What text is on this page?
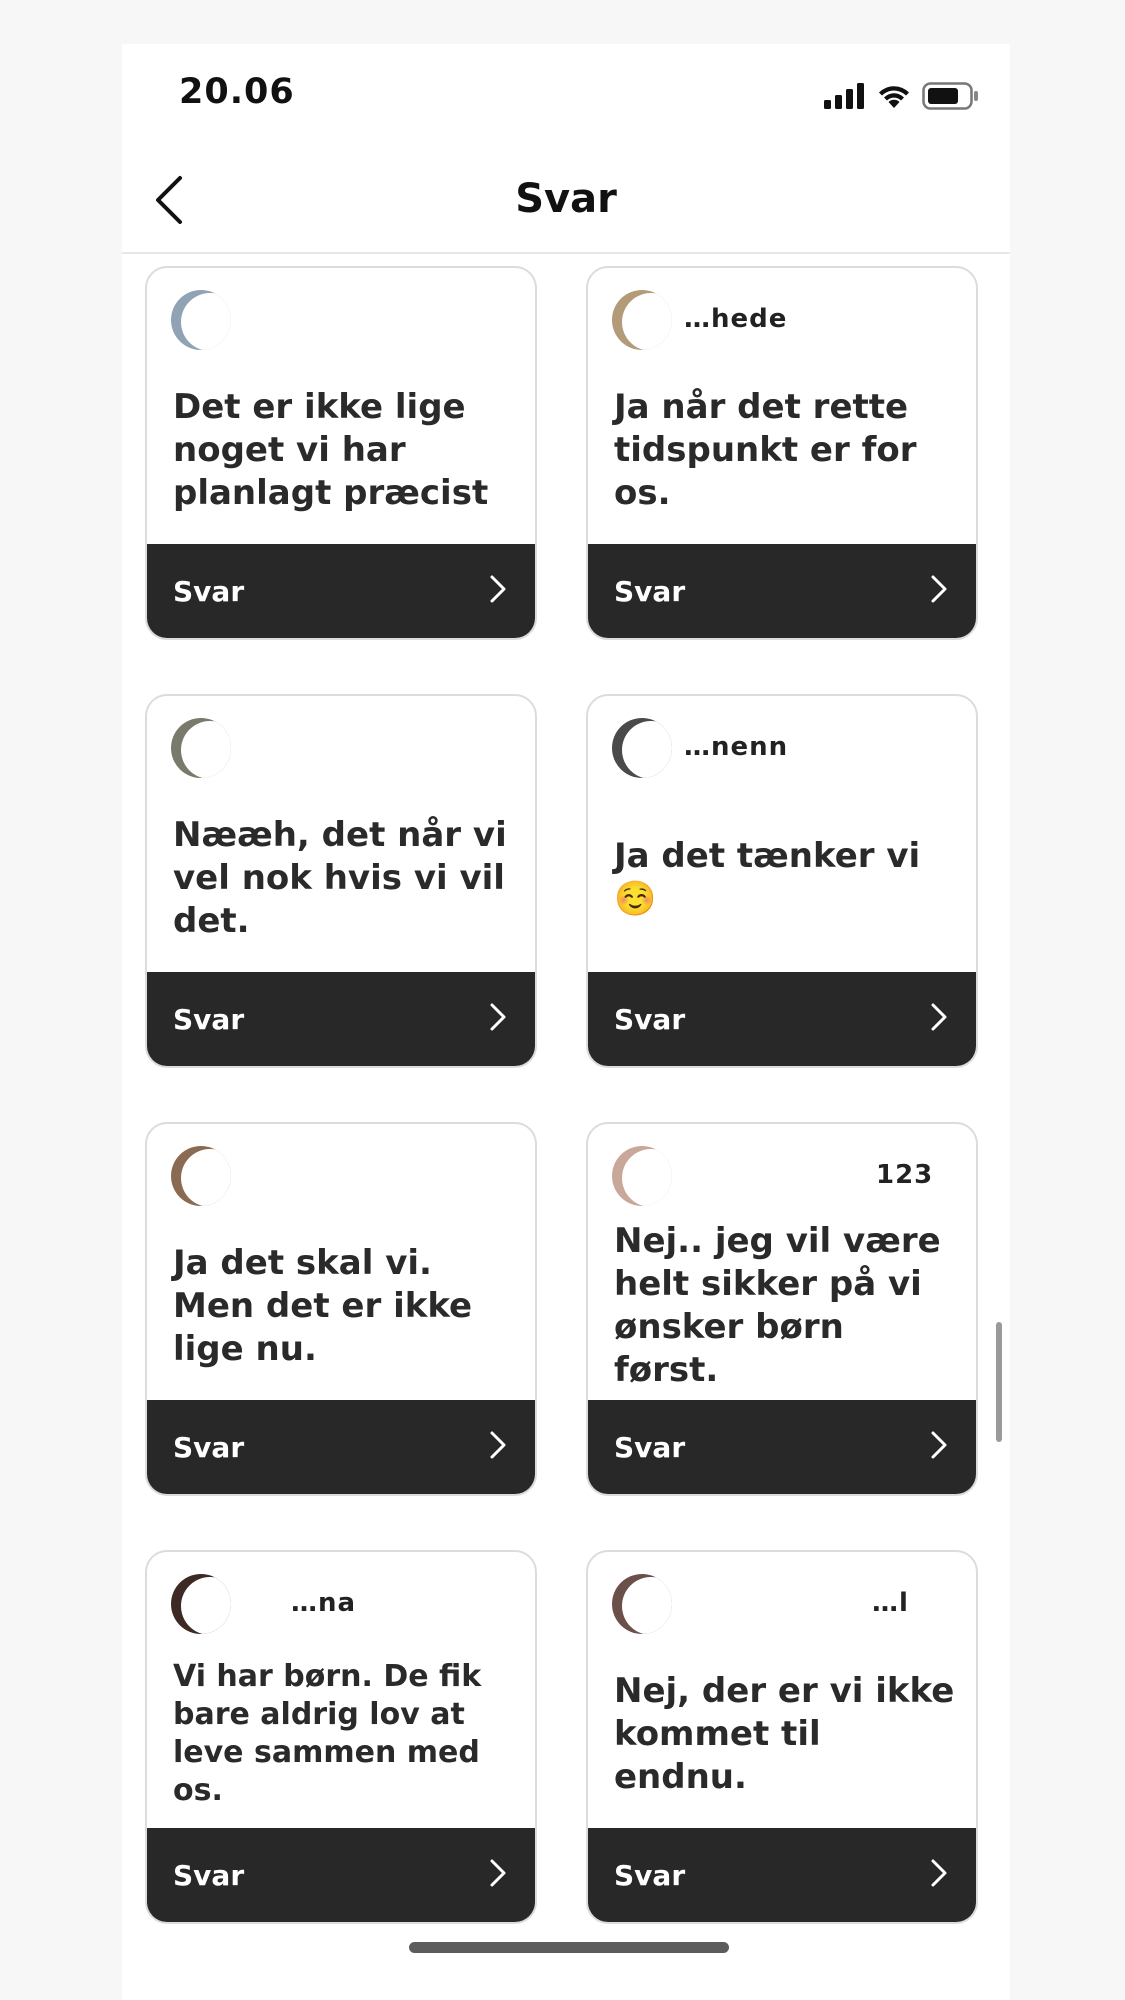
20.06
Svar
Det er ikke lige noget vi har planlagt præcist
Svar
…hede
Ja når det rette tidspunkt er for os.
Svar
Nææh, det når vi vel nok hvis vi vil det.
Svar
…nenn
Ja det tænker vi ☺️
Svar
Ja det skal vi. Men det er ikke lige nu.
Svar
123
Nej.. jeg vil være helt sikker på vi ønsker børn først.
Svar
…na
Vi har børn. De fik bare aldrig lov at leve sammen med os.
Svar
…l
Nej, der er vi ikke kommet til endnu.
Svar
